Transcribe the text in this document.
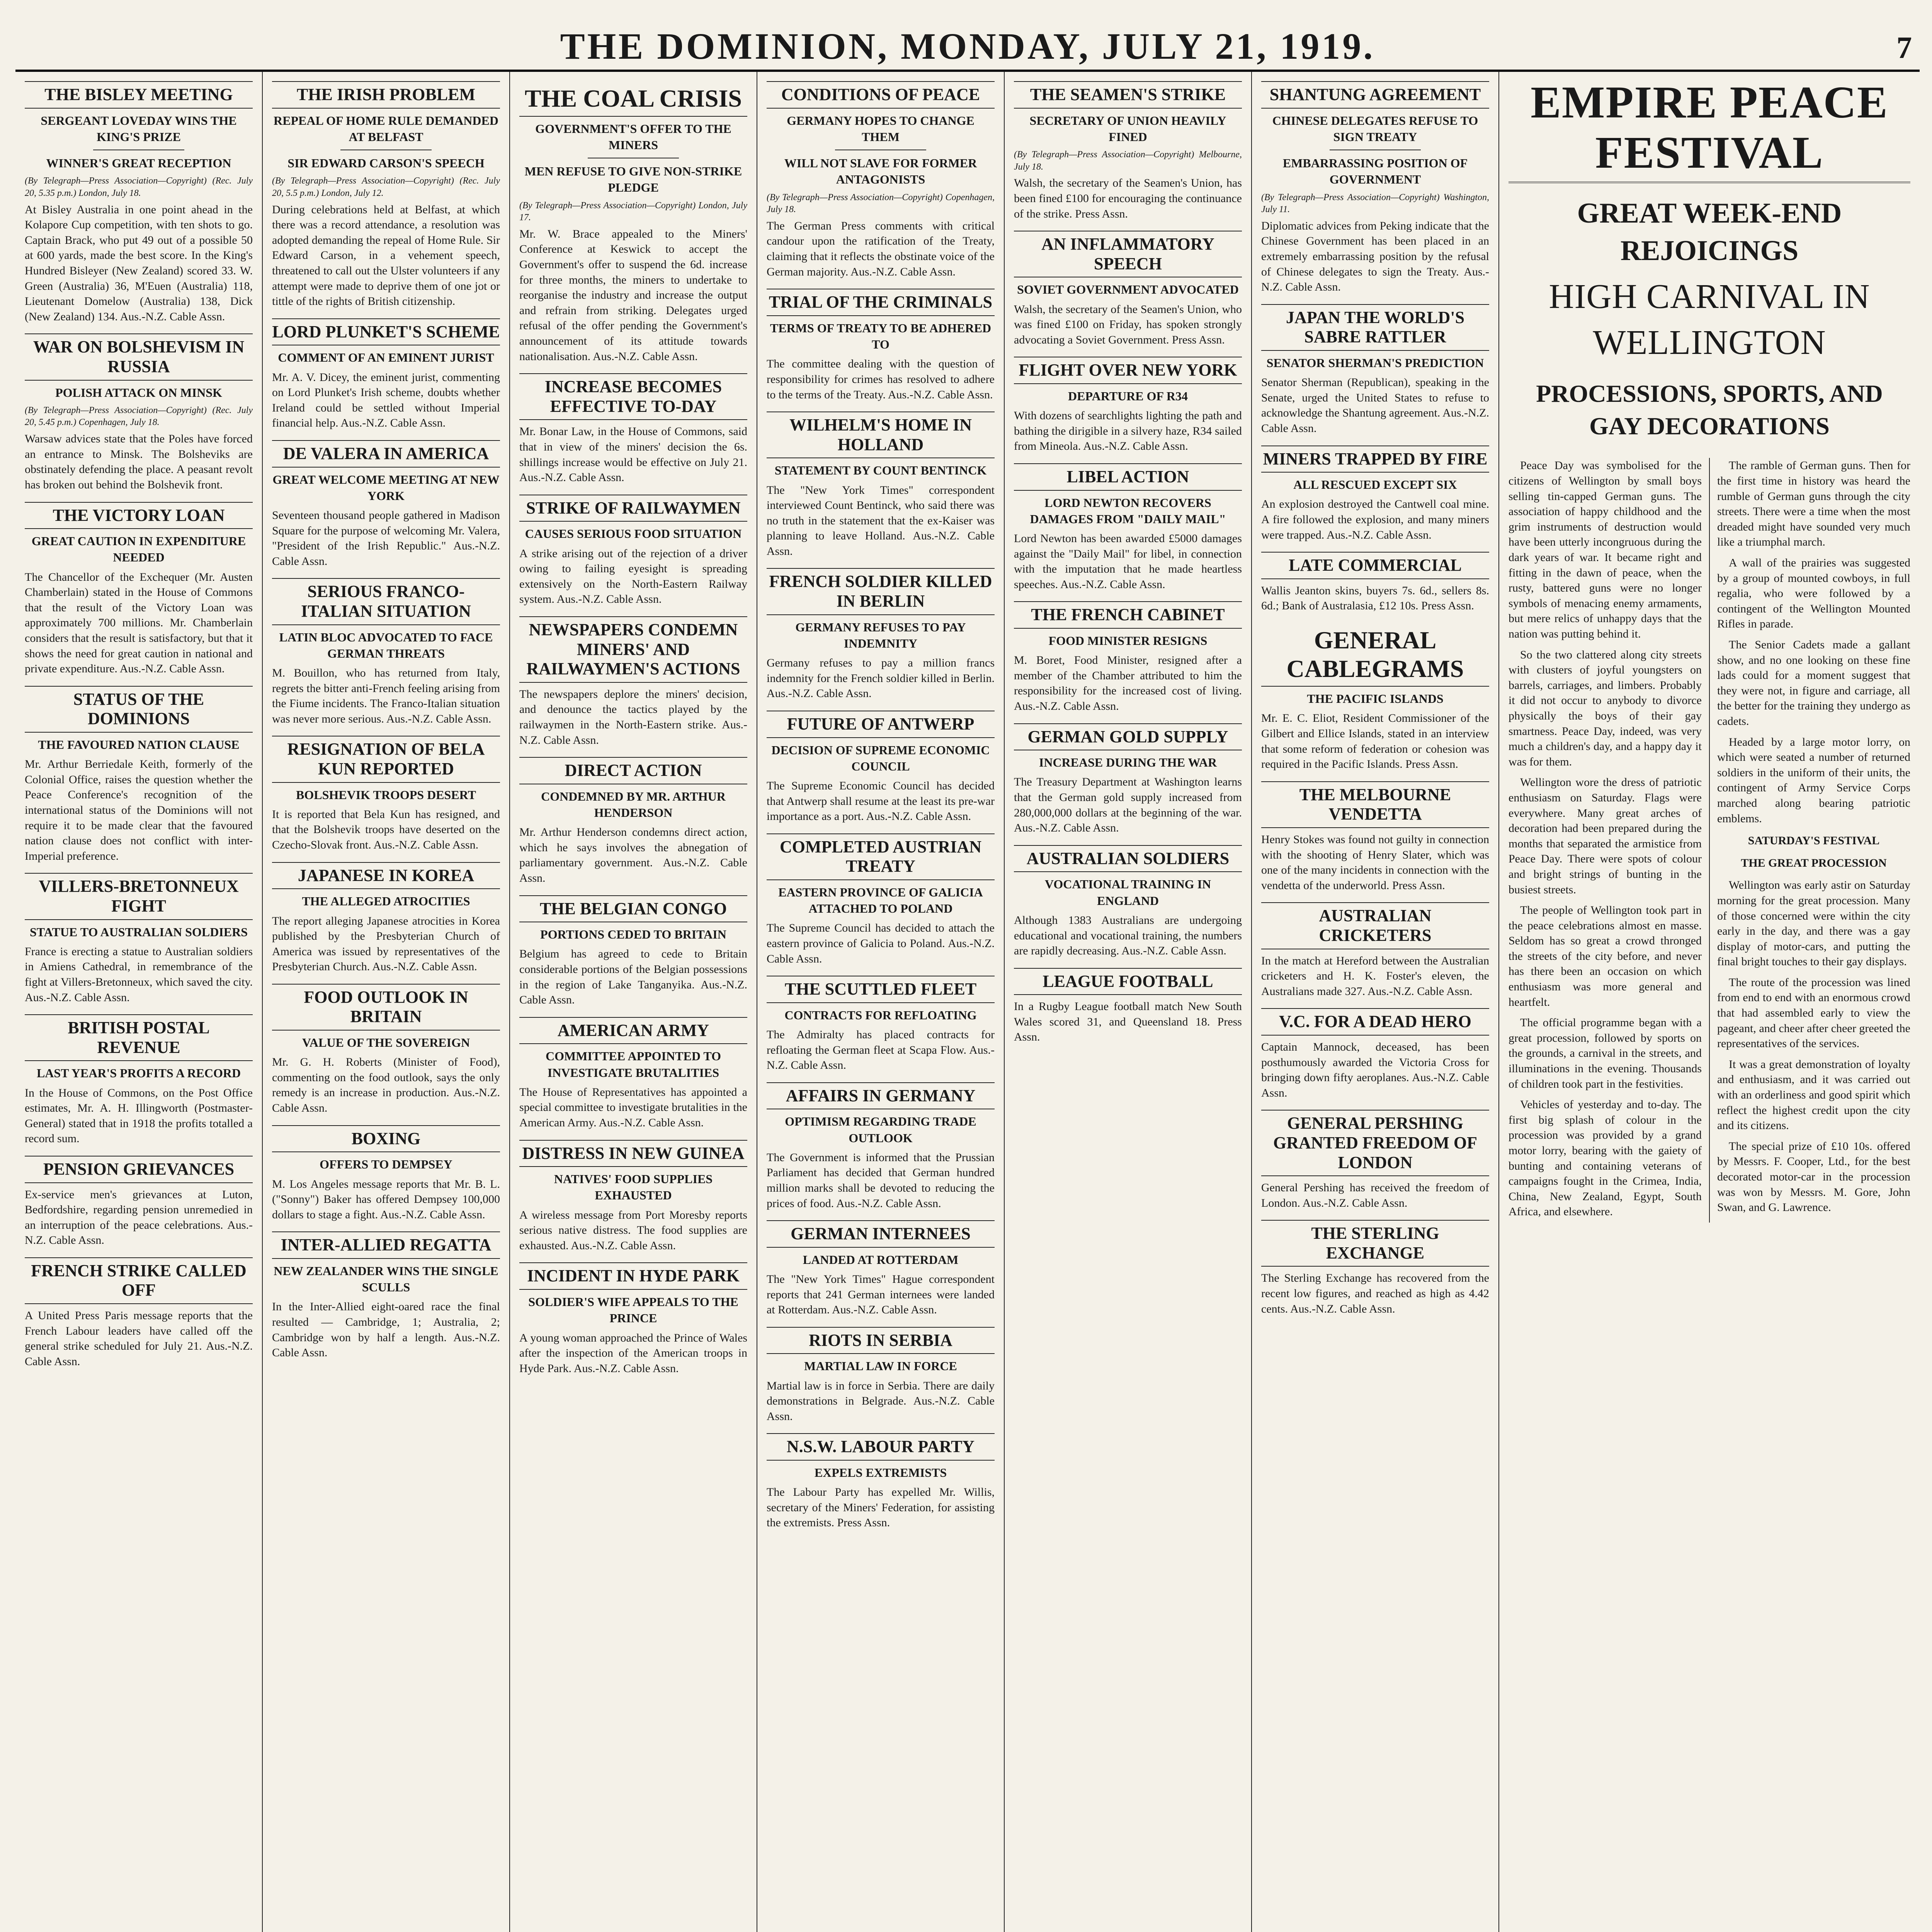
THE DOMINION, MONDAY, JULY 21, 1919.	7
THE BISLEY MEETING
SERGEANT LOVEDAY WINS THE KING'S PRIZE
WINNER'S GREAT RECEPTION
(By Telegraph—Press Association—Copyright) (Rec. July 20, 5.35 p.m.) London, July 18.
At Bisley Australia in one point ahead in the Kolapore Cup competition, with ten shots to go. Captain Brack, who put 49 out of a possible 50 at 600 yards, made the best score. In the King's Hundred Bisleyer (New Zealand) scored 33. W. Green (Australia) 36, M'Euen (Australia) 118, Lieutenant Domelow (Australia) 138, Dick (New Zealand) 134. Aus.-N.Z. Cable Assn.
WAR ON BOLSHEVISM IN RUSSIA
POLISH ATTACK ON MINSK
(By Telegraph—Press Association—Copyright) (Rec. July 20, 5.45 p.m.) Copenhagen, July 18.
Warsaw advices state that the Poles have forced an entrance to Minsk. The Bolsheviks are obstinately defending the place. A peasant revolt has broken out behind the Bolshevik front.
THE VICTORY LOAN
GREAT CAUTION IN EXPENDITURE NEEDED
The Chancellor of the Exchequer (Mr. Austen Chamberlain) stated in the House of Commons that the result of the Victory Loan was approximately 700 millions. Mr. Chamberlain considers that the result is satisfactory, but that it shows the need for great caution in national and private expenditure. Aus.-N.Z. Cable Assn.
STATUS OF THE DOMINIONS
THE FAVOURED NATION CLAUSE
Mr. Arthur Berriedale Keith, formerly of the Colonial Office, raises the question whether the Peace Conference's recognition of the international status of the Dominions will not require it to be made clear that the favoured nation clause does not conflict with inter-Imperial preference.
VILLERS-BRETONNEUX FIGHT
STATUE TO AUSTRALIAN SOLDIERS
France is erecting a statue to Australian soldiers in Amiens Cathedral, in remembrance of the fight at Villers-Bretonneux, which saved the city. Aus.-N.Z. Cable Assn.
BRITISH POSTAL REVENUE
LAST YEAR'S PROFITS A RECORD
In the House of Commons, on the Post Office estimates, Mr. A. H. Illingworth (Postmaster-General) stated that in 1918 the profits totalled a record sum.
PENSION GRIEVANCES
Ex-service men's grievances at Luton, Bedfordshire, regarding pension unremedied in an interruption of the peace celebrations. Aus.-N.Z. Cable Assn.
FRENCH STRIKE CALLED OFF
A United Press Paris message reports that the French Labour leaders have called off the general strike scheduled for July 21. Aus.-N.Z. Cable Assn.
THE IRISH PROBLEM
REPEAL OF HOME RULE DEMANDED AT BELFAST
SIR EDWARD CARSON'S SPEECH
(By Telegraph—Press Association—Copyright) (Rec. July 20, 5.5 p.m.) London, July 12.
During celebrations held at Belfast, at which there was a record attendance, a resolution was adopted demanding the repeal of Home Rule. Sir Edward Carson, in a vehement speech, threatened to call out the Ulster volunteers if any attempt were made to deprive them of one jot or tittle of the rights of British citizenship.
LORD PLUNKET'S SCHEME
COMMENT OF AN EMINENT JURIST
Mr. A. V. Dicey, the eminent jurist, commenting on Lord Plunket's Irish scheme, doubts whether Ireland could be settled without Imperial financial help. Aus.-N.Z. Cable Assn.
DE VALERA IN AMERICA
GREAT WELCOME MEETING AT NEW YORK
Seventeen thousand people gathered in Madison Square for the purpose of welcoming Mr. Valera, "President of the Irish Republic." Aus.-N.Z. Cable Assn.
SERIOUS FRANCO-ITALIAN SITUATION
LATIN BLOC ADVOCATED TO FACE GERMAN THREATS
M. Bouillon, who has returned from Italy, regrets the bitter anti-French feeling arising from the Fiume incidents. The Franco-Italian situation was never more serious. Aus.-N.Z. Cable Assn.
RESIGNATION OF BELA KUN REPORTED
BOLSHEVIK TROOPS DESERT
It is reported that Bela Kun has resigned, and that the Bolshevik troops have deserted on the Czecho-Slovak front. Aus.-N.Z. Cable Assn.
JAPANESE IN KOREA
THE ALLEGED ATROCITIES
The report alleging Japanese atrocities in Korea published by the Presbyterian Church of America was issued by representatives of the Presbyterian Church. Aus.-N.Z. Cable Assn.
FOOD OUTLOOK IN BRITAIN
VALUE OF THE SOVEREIGN
Mr. G. H. Roberts (Minister of Food), commenting on the food outlook, says the only remedy is an increase in production. Aus.-N.Z. Cable Assn.
BOXING
OFFERS TO DEMPSEY
M. Los Angeles message reports that Mr. B. L. ("Sonny") Baker has offered Dempsey 100,000 dollars to stage a fight. Aus.-N.Z. Cable Assn.
INTER-ALLIED REGATTA
NEW ZEALANDER WINS THE SINGLE SCULLS
In the Inter-Allied eight-oared race the final resulted — Cambridge, 1; Australia, 2; Cambridge won by half a length. Aus.-N.Z. Cable Assn.
THE COAL CRISIS
GOVERNMENT'S OFFER TO THE MINERS
MEN REFUSE TO GIVE NON-STRIKE PLEDGE
(By Telegraph—Press Association—Copyright) London, July 17.
Mr. W. Brace appealed to the Miners' Conference at Keswick to accept the Government's offer to suspend the 6d. increase for three months, the miners to undertake to reorganise the industry and increase the output and refrain from striking. Delegates urged refusal of the offer pending the Government's announcement of its attitude towards nationalisation. Aus.-N.Z. Cable Assn.
INCREASE BECOMES EFFECTIVE TO-DAY
Mr. Bonar Law, in the House of Commons, said that in view of the miners' decision the 6s. shillings increase would be effective on July 21. Aus.-N.Z. Cable Assn.
STRIKE OF RAILWAYMEN
CAUSES SERIOUS FOOD SITUATION
A strike arising out of the rejection of a driver owing to failing eyesight is spreading extensively on the North-Eastern Railway system. Aus.-N.Z. Cable Assn.
NEWSPAPERS CONDEMN MINERS' AND RAILWAYMEN'S ACTIONS
The newspapers deplore the miners' decision, and denounce the tactics played by the railwaymen in the North-Eastern strike. Aus.-N.Z. Cable Assn.
DIRECT ACTION
CONDEMNED BY MR. ARTHUR HENDERSON
Mr. Arthur Henderson condemns direct action, which he says involves the abnegation of parliamentary government. Aus.-N.Z. Cable Assn.
THE BELGIAN CONGO
PORTIONS CEDED TO BRITAIN
Belgium has agreed to cede to Britain considerable portions of the Belgian possessions in the region of Lake Tanganyika. Aus.-N.Z. Cable Assn.
AMERICAN ARMY
COMMITTEE APPOINTED TO INVESTIGATE BRUTALITIES
The House of Representatives has appointed a special committee to investigate brutalities in the American Army. Aus.-N.Z. Cable Assn.
DISTRESS IN NEW GUINEA
NATIVES' FOOD SUPPLIES EXHAUSTED
A wireless message from Port Moresby reports serious native distress. The food supplies are exhausted. Aus.-N.Z. Cable Assn.
INCIDENT IN HYDE PARK
SOLDIER'S WIFE APPEALS TO THE PRINCE
A young woman approached the Prince of Wales after the inspection of the American troops in Hyde Park. Aus.-N.Z. Cable Assn.
CONDITIONS OF PEACE
GERMANY HOPES TO CHANGE THEM
WILL NOT SLAVE FOR FORMER ANTAGONISTS
(By Telegraph—Press Association—Copyright) Copenhagen, July 18.
The German Press comments with critical candour upon the ratification of the Treaty, claiming that it reflects the obstinate voice of the German majority. Aus.-N.Z. Cable Assn.
TRIAL OF THE CRIMINALS
TERMS OF TREATY TO BE ADHERED TO
The committee dealing with the question of responsibility for crimes has resolved to adhere to the terms of the Treaty. Aus.-N.Z. Cable Assn.
WILHELM'S HOME IN HOLLAND
STATEMENT BY COUNT BENTINCK
The "New York Times" correspondent interviewed Count Bentinck, who said there was no truth in the statement that the ex-Kaiser was planning to leave Holland. Aus.-N.Z. Cable Assn.
FRENCH SOLDIER KILLED IN BERLIN
GERMANY REFUSES TO PAY INDEMNITY
Germany refuses to pay a million francs indemnity for the French soldier killed in Berlin. Aus.-N.Z. Cable Assn.
FUTURE OF ANTWERP
DECISION OF SUPREME ECONOMIC COUNCIL
The Supreme Economic Council has decided that Antwerp shall resume at the least its pre-war importance as a port. Aus.-N.Z. Cable Assn.
COMPLETED AUSTRIAN TREATY
EASTERN PROVINCE OF GALICIA ATTACHED TO POLAND
The Supreme Council has decided to attach the eastern province of Galicia to Poland. Aus.-N.Z. Cable Assn.
THE SCUTTLED FLEET
CONTRACTS FOR REFLOATING
The Admiralty has placed contracts for refloating the German fleet at Scapa Flow. Aus.-N.Z. Cable Assn.
AFFAIRS IN GERMANY
OPTIMISM REGARDING TRADE OUTLOOK
The Government is informed that the Prussian Parliament has decided that German hundred million marks shall be devoted to reducing the prices of food. Aus.-N.Z. Cable Assn.
GERMAN INTERNEES
LANDED AT ROTTERDAM
The "New York Times" Hague correspondent reports that 241 German internees were landed at Rotterdam. Aus.-N.Z. Cable Assn.
RIOTS IN SERBIA
MARTIAL LAW IN FORCE
Martial law is in force in Serbia. There are daily demonstrations in Belgrade. Aus.-N.Z. Cable Assn.
N.S.W. LABOUR PARTY
EXPELS EXTREMISTS
The Labour Party has expelled Mr. Willis, secretary of the Miners' Federation, for assisting the extremists. Press Assn.
THE SEAMEN'S STRIKE
SECRETARY OF UNION HEAVILY FINED
(By Telegraph—Press Association—Copyright) Melbourne, July 18.
Walsh, the secretary of the Seamen's Union, has been fined £100 for encouraging the continuance of the strike. Press Assn.
AN INFLAMMATORY SPEECH
SOVIET GOVERNMENT ADVOCATED
Walsh, the secretary of the Seamen's Union, who was fined £100 on Friday, has spoken strongly advocating a Soviet Government. Press Assn.
FLIGHT OVER NEW YORK
DEPARTURE OF R34
With dozens of searchlights lighting the path and bathing the dirigible in a silvery haze, R34 sailed from Mineola. Aus.-N.Z. Cable Assn.
LIBEL ACTION
LORD NEWTON RECOVERS DAMAGES FROM "DAILY MAIL"
Lord Newton has been awarded £5000 damages against the "Daily Mail" for libel, in connection with the imputation that he made heartless speeches. Aus.-N.Z. Cable Assn.
THE FRENCH CABINET
FOOD MINISTER RESIGNS
M. Boret, Food Minister, resigned after a member of the Chamber attributed to him the responsibility for the increased cost of living. Aus.-N.Z. Cable Assn.
GERMAN GOLD SUPPLY
INCREASE DURING THE WAR
The Treasury Department at Washington learns that the German gold supply increased from 280,000,000 dollars at the beginning of the war. Aus.-N.Z. Cable Assn.
AUSTRALIAN SOLDIERS
VOCATIONAL TRAINING IN ENGLAND
Although 1383 Australians are undergoing educational and vocational training, the numbers are rapidly decreasing. Aus.-N.Z. Cable Assn.
LEAGUE FOOTBALL
In a Rugby League football match New South Wales scored 31, and Queensland 18. Press Assn.
SHANTUNG AGREEMENT
CHINESE DELEGATES REFUSE TO SIGN TREATY
EMBARRASSING POSITION OF GOVERNMENT
(By Telegraph—Press Association—Copyright) Washington, July 11.
Diplomatic advices from Peking indicate that the Chinese Government has been placed in an extremely embarrassing position by the refusal of Chinese delegates to sign the Treaty. Aus.-N.Z. Cable Assn.
JAPAN THE WORLD'S SABRE RATTLER
SENATOR SHERMAN'S PREDICTION
Senator Sherman (Republican), speaking in the Senate, urged the United States to refuse to acknowledge the Shantung agreement. Aus.-N.Z. Cable Assn.
MINERS TRAPPED BY FIRE
ALL RESCUED EXCEPT SIX
An explosion destroyed the Cantwell coal mine. A fire followed the explosion, and many miners were trapped. Aus.-N.Z. Cable Assn.
LATE COMMERCIAL
Wallis Jeanton skins, buyers 7s. 6d., sellers 8s. 6d.; Bank of Australasia, £12 10s. Press Assn.
GENERAL CABLEGRAMS
THE PACIFIC ISLANDS
Mr. E. C. Eliot, Resident Commissioner of the Gilbert and Ellice Islands, stated in an interview that some reform of federation or cohesion was required in the Pacific Islands. Press Assn.
THE MELBOURNE VENDETTA
Henry Stokes was found not guilty in connection with the shooting of Henry Slater, which was one of the many incidents in connection with the vendetta of the underworld. Press Assn.
AUSTRALIAN CRICKETERS
In the match at Hereford between the Australian cricketers and H. K. Foster's eleven, the Australians made 327. Aus.-N.Z. Cable Assn.
V.C. FOR A DEAD HERO
Captain Mannock, deceased, has been posthumously awarded the Victoria Cross for bringing down fifty aeroplanes. Aus.-N.Z. Cable Assn.
GENERAL PERSHING GRANTED FREEDOM OF LONDON
General Pershing has received the freedom of London. Aus.-N.Z. Cable Assn.
THE STERLING EXCHANGE
The Sterling Exchange has recovered from the recent low figures, and reached as high as 4.42 cents. Aus.-N.Z. Cable Assn.
EMPIRE PEACE FESTIVAL
GREAT WEEK-END REJOICINGS
HIGH CARNIVAL IN WELLINGTON
PROCESSIONS, SPORTS, AND GAY DECORATIONS

Peace Day was symbolised for the citizens of Wellington by small boys selling tin-capped German guns. The association of happy childhood and the grim instruments of destruction would have been utterly incongruous during the dark years of war. It became right and fitting in the dawn of peace, when the rusty, battered guns were no longer symbols of menacing enemy armaments, but mere relics of unhappy days that the nation was putting behind it.

So the two clattered along city streets with clusters of joyful youngsters on barrels, carriages, and limbers. Probably it did not occur to anybody to divorce physically the boys of their gay smartness. Peace Day, indeed, was very much a children's day, and a happy day it was for them.

Wellington wore the dress of patriotic enthusiasm on Saturday. Flags were everywhere. Many great arches of decoration had been prepared during the months that separated the armistice from Peace Day. There were spots of colour and bright strings of bunting in the busiest streets.

The people of Wellington took part in the peace celebrations almost en masse. Seldom has so great a crowd thronged the streets of the city before, and never has there been an occasion on which enthusiasm was more general and heartfelt.

The official programme began with a great procession, followed by sports on the grounds, a carnival in the streets, and illuminations in the evening. Thousands of children took part in the festivities.

Vehicles of yesterday and to-day. The first big splash of colour in the procession was provided by a grand motor lorry, bearing with the gaiety of bunting and containing veterans of campaigns fought in the Crimea, India, China, New Zealand, Egypt, South Africa, and elsewhere.

The ramble of German guns. Then for the first time in history was heard the rumble of German guns through the city streets. There were a time when the most dreaded might have sounded very much like a triumphal march.

A wall of the prairies was suggested by a group of mounted cowboys, in full regalia, who were followed by a contingent of the Wellington Mounted Rifles in parade.

The Senior Cadets made a gallant show, and no one looking on these fine lads could for a moment suggest that they were not, in figure and carriage, all the better for the training they undergo as cadets.

Headed by a large motor lorry, on which were seated a number of returned soldiers in the uniform of their units, the contingent of Army Service Corps marched along bearing patriotic emblems.

SATURDAY'S FESTIVAL
THE GREAT PROCESSION

Wellington was early astir on Saturday morning for the great procession. Many of those concerned were within the city early in the day, and there was a gay display of motor-cars, and putting the final bright touches to their gay displays.

The route of the procession was lined from end to end with an enormous crowd that had assembled early to view the pageant, and cheer after cheer greeted the representatives of the services.

It was a great demonstration of loyalty and enthusiasm, and it was carried out with an orderliness and good spirit which reflect the highest credit upon the city and its citizens.

The special prize of £10 10s. offered by Messrs. F. Cooper, Ltd., for the best decorated motor-car in the procession was won by Messrs. M. Gore, John Swan, and G. Lawrence.
